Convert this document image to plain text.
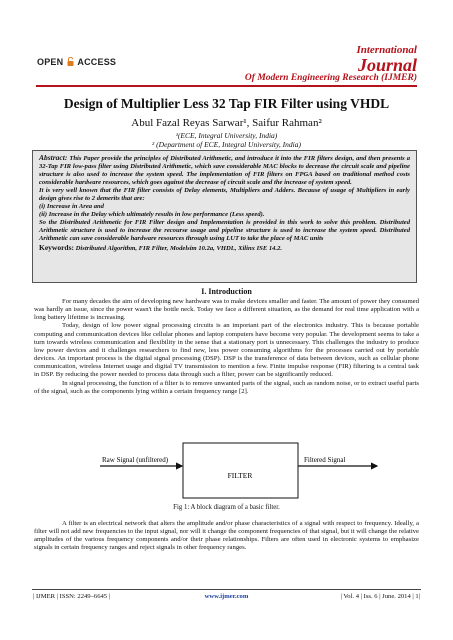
OPEN ACCESS
International
Journal
Of Modern Engineering Research (IJMER)
Design of Multiplier Less 32 Tap FIR Filter using VHDL
Abul Fazal Reyas Sarwar¹, Saifur Rahman²
¹(ECE, Integral University, India)
² (Department of ECE, Integral University, India)

Abstract: This Paper provide the principles of Distributed Arithmetic, and introduce it into the FIR filters design, and then presents a 32-Tap FIR low-pass filter using Distributed Arithmetic, which save considerable MAC blocks to decrease the circuit scale and pipeline structure is also used to increase the system speed. The implementation of FIR filters on FPGA based on traditional method costs considerable hardware resources, which goes against the decrease of circuit scale and the increase of system speed.

It is very well known that the FIR filter consists of Delay elements, Multipliers and Adders. Because of usage of Multipliers in early design gives rise to 2 demerits that are:

(i) Increase in Area and

(ii) Increase in the Delay which ultimately results in low performance (Less speed).

So the Distributed Arithmetic for FIR Filter design and Implementation is provided in this work to solve this problem. Distributed Arithmetic structure is used to increase the recourse usage and pipeline structure is used to increase the system speed. Distributed Arithmetic can save considerable hardware resources through using LUT to take the place of MAC units

Keywords: Distributed Algorithm, FIR Filter, Modelsim 10.2a, VHDL, Xilinx ISE 14.2.

I. Introduction

For many decades the aim of developing new hardware was to make devices smaller and faster. The amount of power they consumed was hardly an issue, since the power wasn't the bottle neck. Today we face a different situation, as the demand for real time application with a long battery lifetime is increasing.

Today, design of low power signal processing circuits is an important part of the electronics industry. This is because portable computing and communication devices like cellular phones and laptop computers have become very popular. The development seems to take a turn towards wireless communication and flexibility in the sense that a stationary port is unnecessary. This challenges the industry to produce low power devices and it challenges researchers to find new, less power consuming algorithms for the processes carried out by portable devices. An important process is the digital signal processing (DSP). DSP is the transference of data between devices, such as cellular phone communication, wireless Internet usage and digital TV transmission to mention a few. Finite impulse response (FIR) filtering is a central task in DSP. By reducing the power needed to process data through such a filter, power can be significantly reduced.

In signal processing, the function of a filter is to remove unwanted parts of the signal, such as random noise, or to extract useful parts of the signal, such as the components lying within a certain frequency range [2].

Raw Signal (unfiltered)
FILTER
Filtered Signal
Fig 1: A block diagram of a basic filter.

A filter is an electrical network that alters the amplitude and/or phase characteristics of a signal with respect to frequency. Ideally, a filter will not add new frequencies to the input signal, nor will it change the component frequencies of that signal, but it will change the relative amplitudes of the various frequency components and/or their phase relationships. Filters are often used in electronic systems to emphasize signals in certain frequency ranges and reject signals in other frequency ranges.

| IJMER | ISSN: 2249–6645 |	www.ijmer.com	| Vol. 4 | Iss. 6 | June. 2014 | 1|
